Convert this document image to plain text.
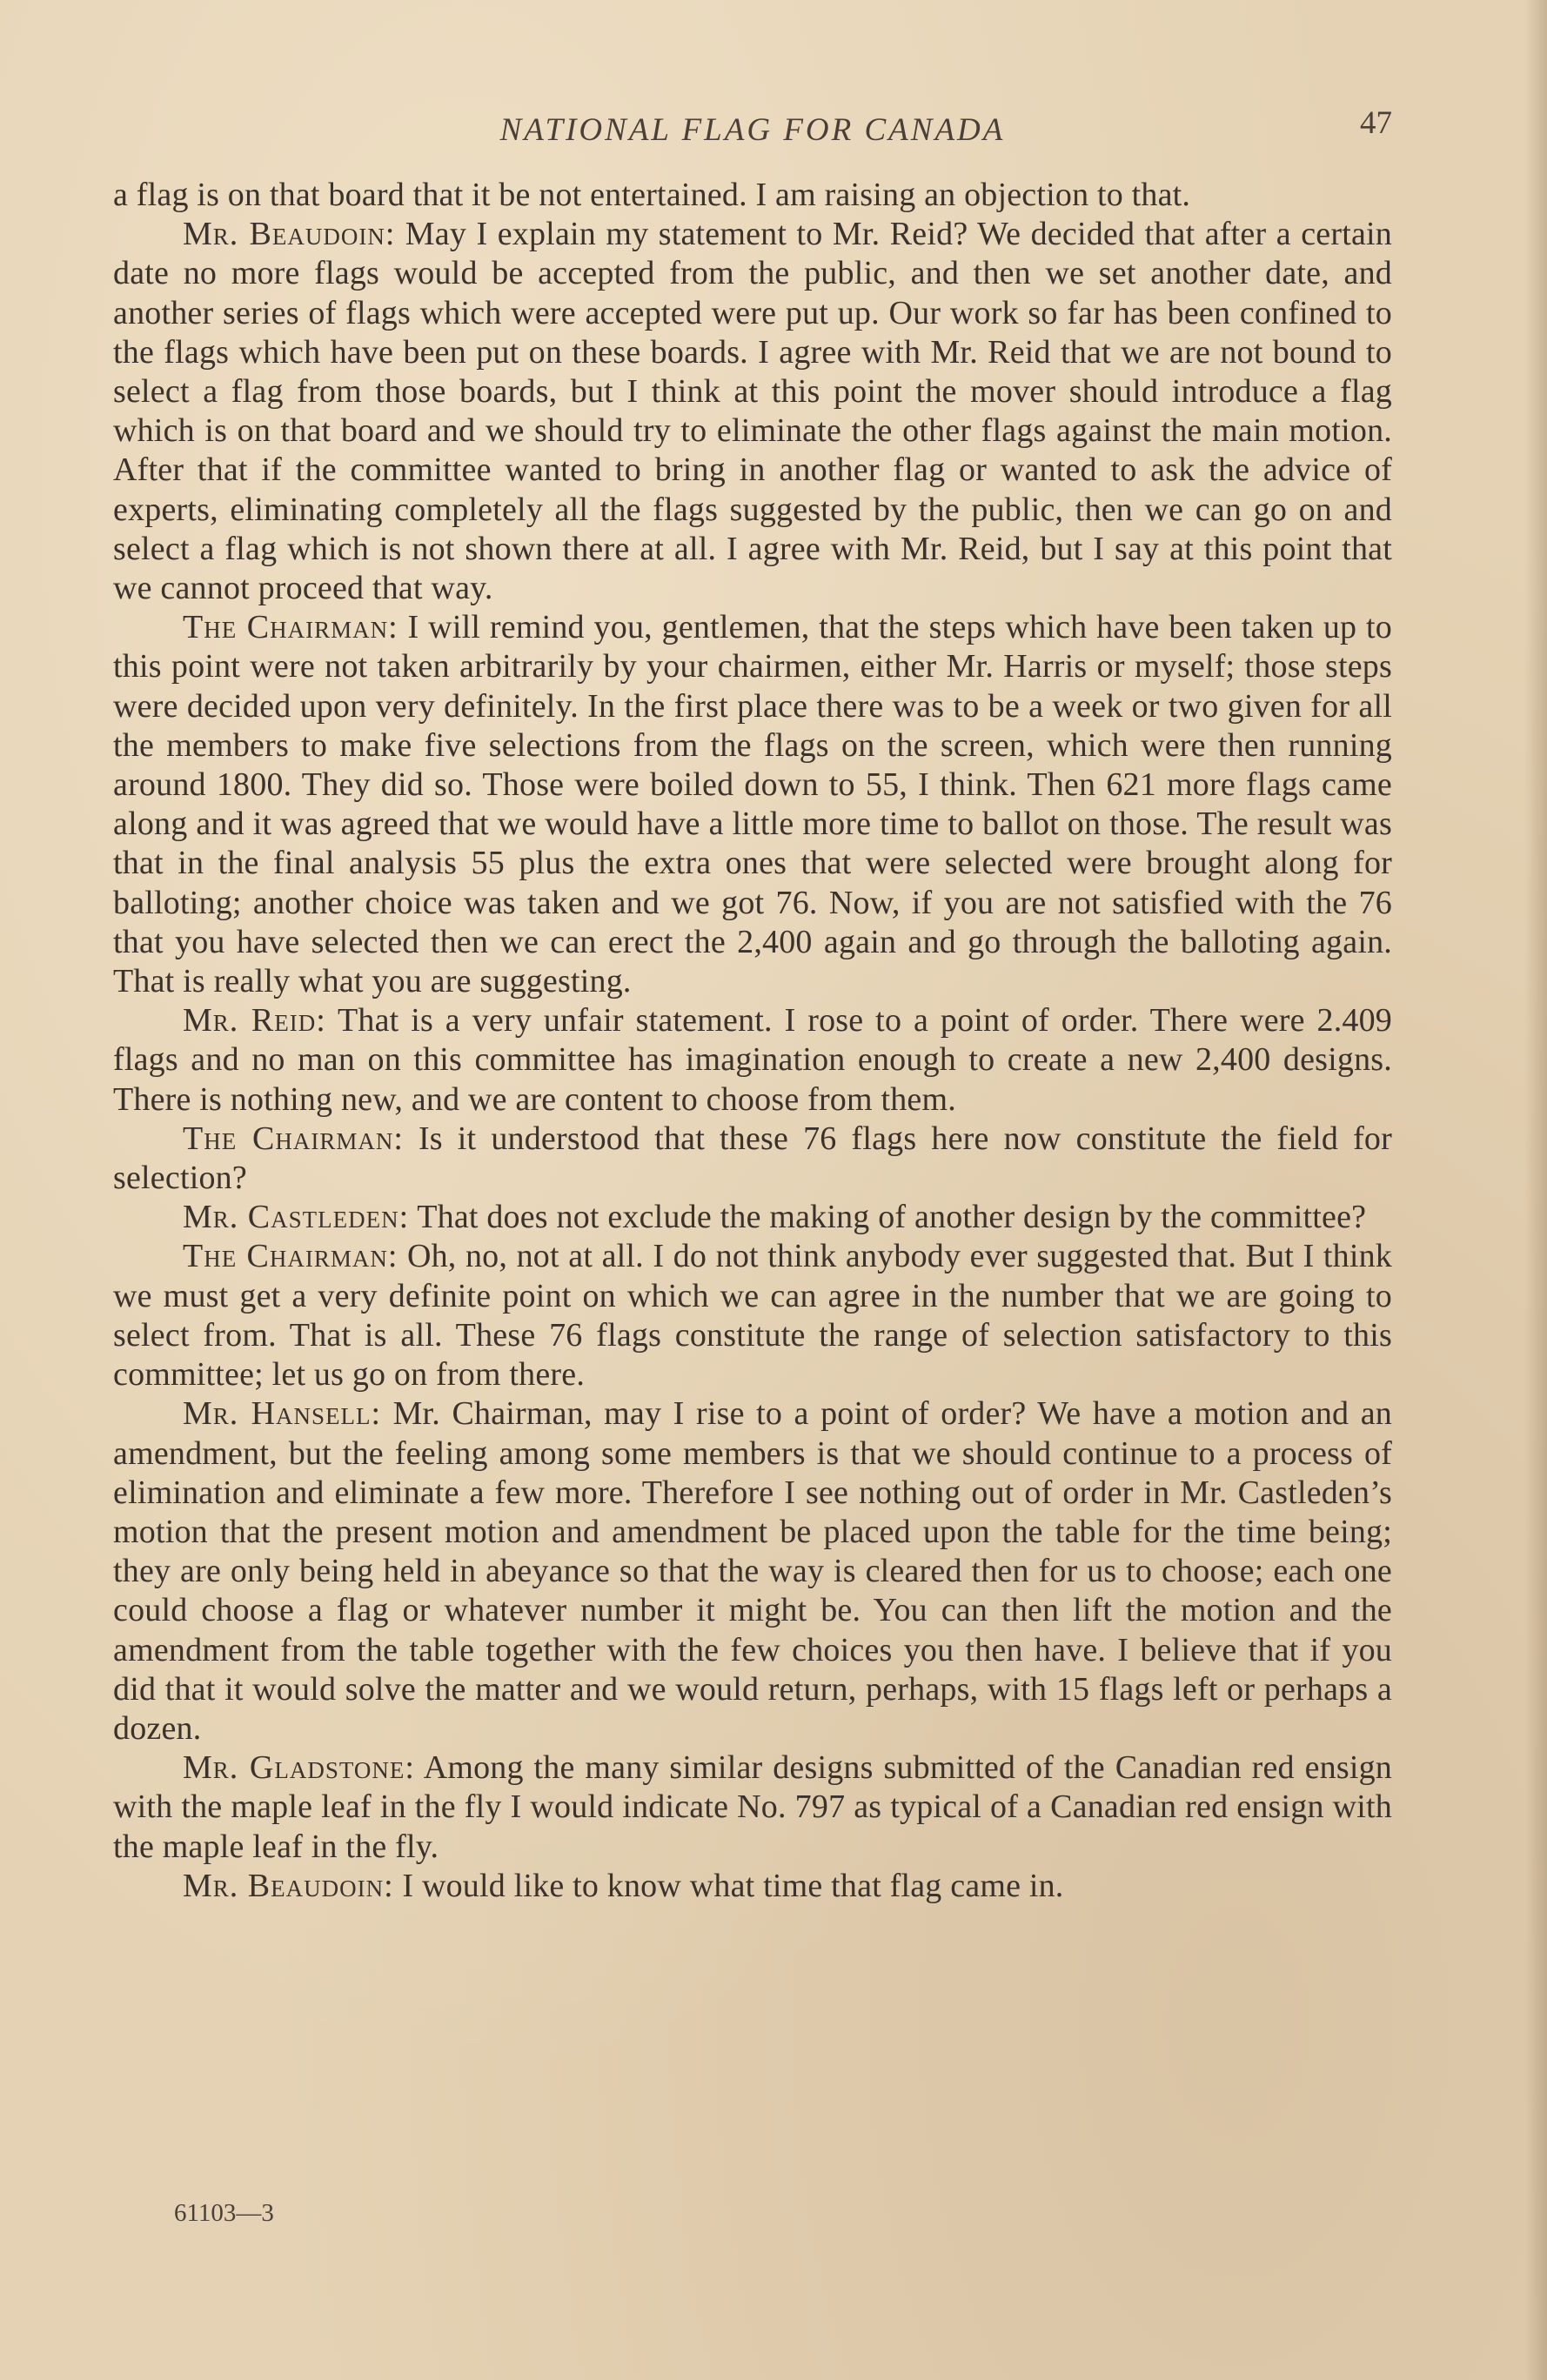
NATIONAL FLAG FOR CANADA	47

a flag is on that board that it be not entertained. I am raising an objection to that.

Mr. Beaudoin: May I explain my statement to Mr. Reid? We decided that after a certain date no more flags would be accepted from the public, and then we set another date, and another series of flags which were accepted were put up. Our work so far has been confined to the flags which have been put on these boards. I agree with Mr. Reid that we are not bound to select a flag from those boards, but I think at this point the mover should introduce a flag which is on that board and we should try to eliminate the other flags against the main motion. After that if the committee wanted to bring in another flag or wanted to ask the advice of experts, eliminating completely all the flags suggested by the public, then we can go on and select a flag which is not shown there at all. I agree with Mr. Reid, but I say at this point that we cannot proceed that way.

The Chairman: I will remind you, gentlemen, that the steps which have been taken up to this point were not taken arbitrarily by your chairmen, either Mr. Harris or myself; those steps were decided upon very definitely. In the first place there was to be a week or two given for all the members to make five selections from the flags on the screen, which were then running around 1800. They did so. Those were boiled down to 55, I think. Then 621 more flags came along and it was agreed that we would have a little more time to ballot on those. The result was that in the final analysis 55 plus the extra ones that were selected were brought along for balloting; another choice was taken and we got 76. Now, if you are not satisfied with the 76 that you have selected then we can erect the 2,400 again and go through the balloting again. That is really what you are suggesting.

Mr. Reid: That is a very unfair statement. I rose to a point of order. There were 2.409 flags and no man on this committee has imagination enough to create a new 2,400 designs. There is nothing new, and we are content to choose from them.

The Chairman: Is it understood that these 76 flags here now constitute the field for selection?

Mr. Castleden: That does not exclude the making of another design by the committee?

The Chairman: Oh, no, not at all. I do not think anybody ever suggested that. But I think we must get a very definite point on which we can agree in the number that we are going to select from. That is all. These 76 flags constitute the range of selection satisfactory to this committee; let us go on from there.

Mr. Hansell: Mr. Chairman, may I rise to a point of order? We have a motion and an amendment, but the feeling among some members is that we should continue to a process of elimination and eliminate a few more. Therefore I see nothing out of order in Mr. Castleden’s motion that the present motion and amendment be placed upon the table for the time being; they are only being held in abeyance so that the way is cleared then for us to choose; each one could choose a flag or whatever number it might be. You can then lift the motion and the amendment from the table together with the few choices you then have. I believe that if you did that it would solve the matter and we would return, perhaps, with 15 flags left or perhaps a dozen.

Mr. Gladstone: Among the many similar designs submitted of the Canadian red ensign with the maple leaf in the fly I would indicate No. 797 as typical of a Canadian red ensign with the maple leaf in the fly.

Mr. Beaudoin: I would like to know what time that flag came in.

61103—3
